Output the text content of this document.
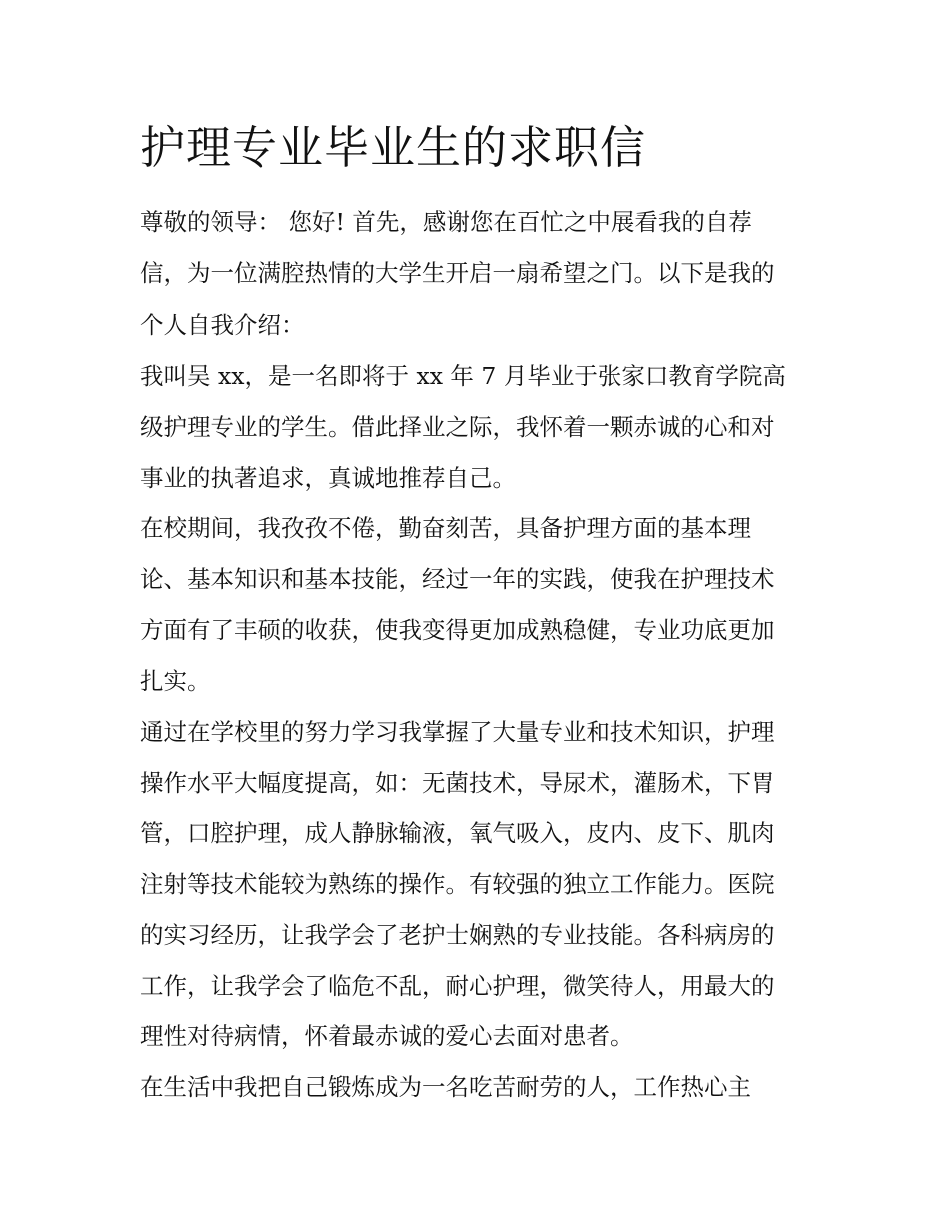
护理专业毕业生的求职信

尊敬的领导： 您好! 首先，感谢您在百忙之中展看我的自荐

信，为一位满腔热情的大学生开启一扇希望之门。以下是我的

个人自我介绍：

我叫吴 xx，是一名即将于 xx 年 7 月毕业于张家口教育学院高

级护理专业的学生。借此择业之际，我怀着一颗赤诚的心和对

事业的执著追求，真诚地推荐自己。

在校期间，我孜孜不倦，勤奋刻苦，具备护理方面的基本理

论、基本知识和基本技能，经过一年的实践，使我在护理技术

方面有了丰硕的收获，使我变得更加成熟稳健，专业功底更加

扎实。

通过在学校里的努力学习我掌握了大量专业和技术知识，护理

操作水平大幅度提高，如：无菌技术，导尿术，灌肠术，下胃

管，口腔护理，成人静脉输液，氧气吸入，皮内、皮下、肌肉

注射等技术能较为熟练的操作。有较强的独立工作能力。医院

的实习经历，让我学会了老护士娴熟的专业技能。各科病房的

工作，让我学会了临危不乱，耐心护理，微笑待人，用最大的

理性对待病情，怀着最赤诚的爱心去面对患者。

在生活中我把自己锻炼成为一名吃苦耐劳的人，工作热心主
